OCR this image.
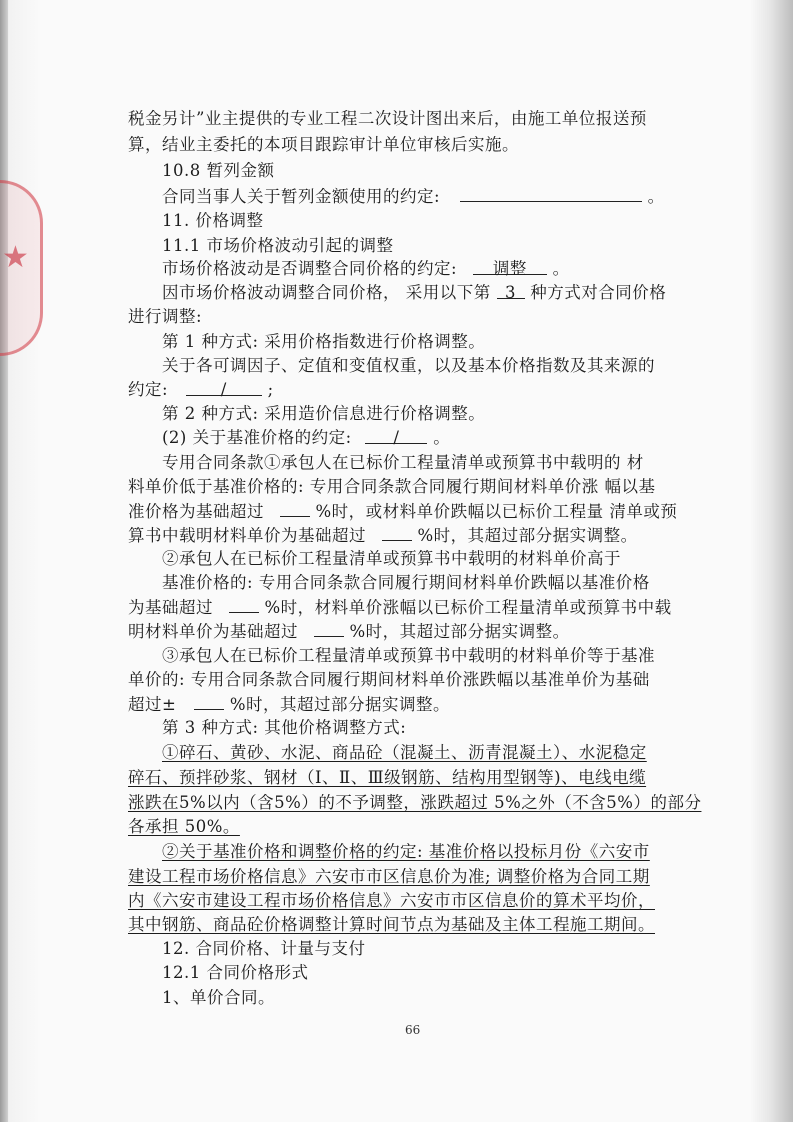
★
税金另计”业主提供的专业工程二次设计图出来后，由施工单位报送预
算，结业主委托的本项目跟踪审计单位审核后实施。
10.8 暂列金额
合同当事人关于暂列金额使用的约定:	。
11. 价格调整
11.1 市场价格波动引起的调整
市场价格波动是否调整合同价格的约定: 调整 。
因市场价格波动调整合同价格， 采用以下第 3 种方式对合同价格
进行调整:
第 1 种方式: 采用价格指数进行价格调整。
关于各可调因子、定值和变值权重，以及基本价格指数及其来源的
约定:	/ ;
第 2 种方式: 采用造价信息进行价格调整。
(2) 关于基准价格的约定:	/ 。
专用合同条款①承包人在已标价工程量清单或预算书中载明的 材
料单价低于基准价格的: 专用合同条款合同履行期间材料单价涨 幅以基
准价格为基础超过	%时，或材料单价跌幅以已标价工程量 清单或预
算书中载明材料单价为基础超过	%时，其超过部分据实调整。
②承包人在已标价工程量清单或预算书中载明的材料单价高于
基准价格的: 专用合同条款合同履行期间材料单价跌幅以基准价格
为基础超过	%时，材料单价涨幅以已标价工程量清单或预算书中载
明材料单价为基础超过	%时，其超过部分据实调整。
③承包人在已标价工程量清单或预算书中载明的材料单价等于基准
单价的: 专用合同条款合同履行期间材料单价涨跌幅以基准单价为基础
超过±	%时，其超过部分据实调整。
第 3 种方式: 其他价格调整方式:
①碎石、黄砂、水泥、商品砼（混凝土、沥青混凝土）、水泥稳定
碎石、预拌砂浆、钢材（Ⅰ、Ⅱ、Ⅲ级钢筋、结构用型钢等)、电线电缆
涨跌在5%以内（含5%）的不予调整，涨跌超过 5%之外（不含5%）的部分
各承担 50%。
②关于基准价格和调整价格的约定: 基准价格以投标月份《六安市
建设工程市场价格信息》六安市市区信息价为准; 调整价格为合同工期
内《六安市建设工程市场价格信息》六安市市区信息价的算术平均价，
其中钢筋、商品砼价格调整计算时间节点为基础及主体工程施工期间。
12. 合同价格、计量与支付
12.1 合同价格形式
1、单价合同。
66
